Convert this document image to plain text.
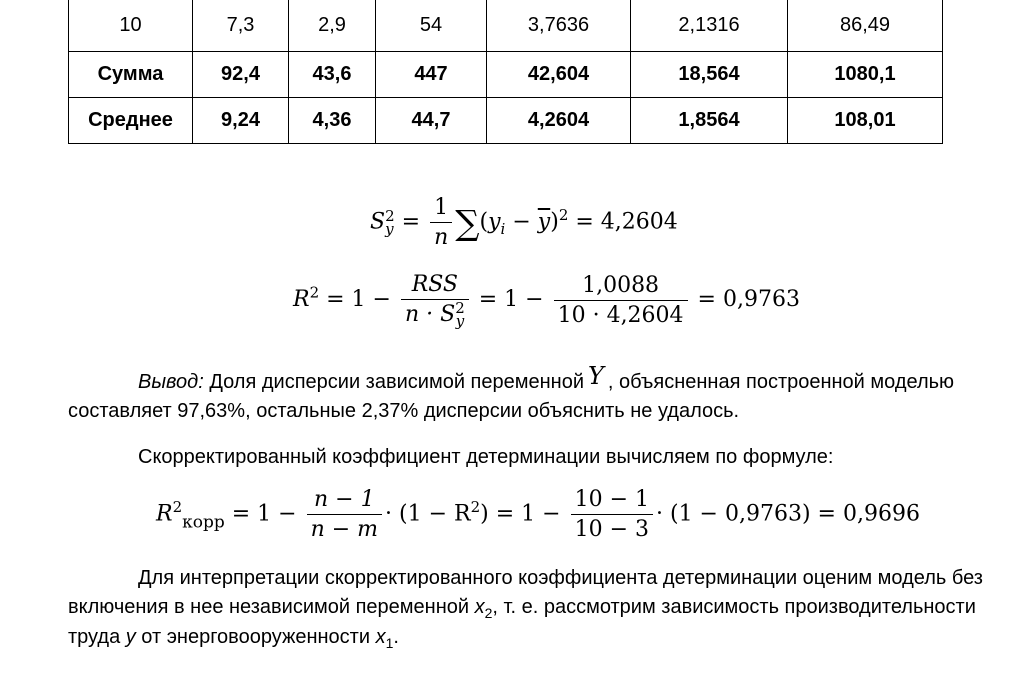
10	7,3	2,9	54	3,7636	2,1316	86,49
Сумма	92,4	43,6	447	42,604	18,564	1080,1
Среднее	9,24	4,36	44,7	4,2604	1,8564	108,01
S 2
$y = \frac{1}{n} \sum(y_i - \overline{y})^2 = 4,2604$
$R^2 = 1$ − RSS
n · S 2
$y = 1 - \frac{1,0088}{10 \cdot 4,2604} = 0,9763$
Вывод: Доля дисперсии зависимой переменной Y , объясненная построенной моделью
составляет 97,63%, остальные 2,37% дисперсии объяснить не удалось.
Скорректированный коэффициент детерминации вычисляем по формуле:
$R^2_{корр} = 1 - \frac{n - 1}{n - m} \cdot (1 - R^2) = 1 - \frac{10 - 1}{10 - 3} \cdot (1 - 0,9763) = 0,9696$
Для интерпретации скорректированного коэффициента детерминации оценим модель без
включения в нее независимой переменной $x_2$, т. е. рассмотрим зависимость производительности
труда y от энерговооруженности $x_1$.
